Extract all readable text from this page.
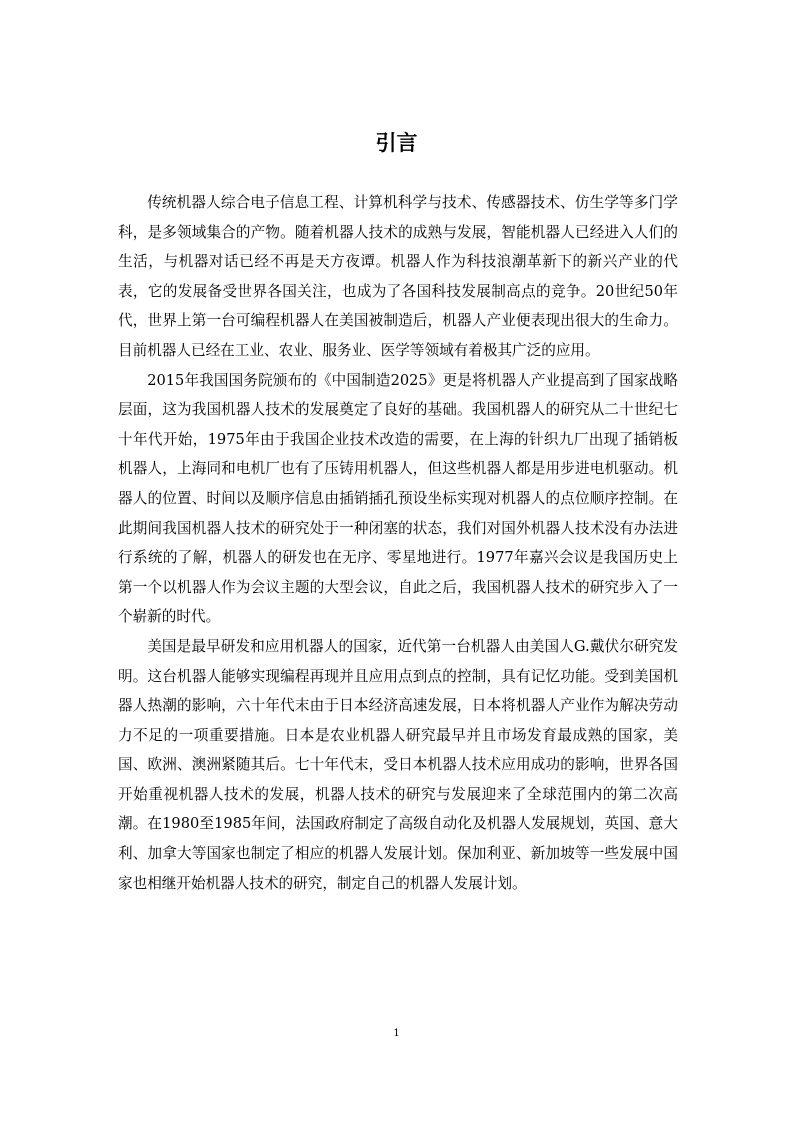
引言

传统机器人综合电子信息工程、计算机科学与技术、传感器技术、仿生学等多门学科，是多领域集合的产物。随着机器人技术的成熟与发展，智能机器人已经进入人们的生活，与机器对话已经不再是天方夜谭。机器人作为科技浪潮革新下的新兴产业的代表，它的发展备受世界各国关注，也成为了各国科技发展制高点的竞争。20世纪50年代，世界上第一台可编程机器人在美国被制造后，机器人产业便表现出很大的生命力。目前机器人已经在工业、农业、服务业、医学等领域有着极其广泛的应用。

2015年我国国务院颁布的《中国制造2025》更是将机器人产业提高到了国家战略层面，这为我国机器人技术的发展奠定了良好的基础。我国机器人的研究从二十世纪七十年代开始，1975年由于我国企业技术改造的需要，在上海的针织九厂出现了插销板机器人，上海同和电机厂也有了压铸用机器人，但这些机器人都是用步进电机驱动。机器人的位置、时间以及顺序信息由插销插孔预设坐标实现对机器人的点位顺序控制。在此期间我国机器人技术的研究处于一种闭塞的状态，我们对国外机器人技术没有办法进行系统的了解，机器人的研发也在无序、零星地进行。1977年嘉兴会议是我国历史上第一个以机器人作为会议主题的大型会议，自此之后，我国机器人技术的研究步入了一个崭新的时代。

美国是最早研发和应用机器人的国家，近代第一台机器人由美国人G.戴伏尔研究发明。这台机器人能够实现编程再现并且应用点到点的控制，具有记忆功能。受到美国机器人热潮的影响，六十年代末由于日本经济高速发展，日本将机器人产业作为解决劳动力不足的一项重要措施。日本是农业机器人研究最早并且市场发育最成熟的国家，美国、欧洲、澳洲紧随其后。七十年代末，受日本机器人技术应用成功的影响，世界各国开始重视机器人技术的发展，机器人技术的研究与发展迎来了全球范围内的第二次高潮。在1980至1985年间，法国政府制定了高级自动化及机器人发展规划，英国、意大利、加拿大等国家也制定了相应的机器人发展计划。保加利亚、新加坡等一些发展中国家也相继开始机器人技术的研究，制定自己的机器人发展计划。

1
